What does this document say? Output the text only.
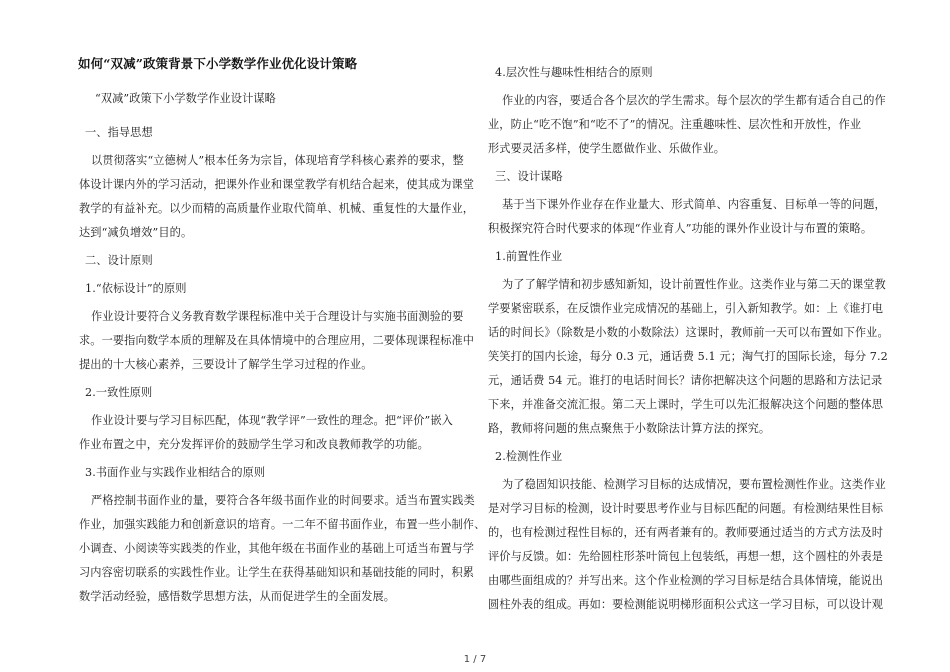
如何“双减”政策背景下小学数学作业优化设计策略
“双减”政策下小学数学作业设计谋略
一、指导思想
以贯彻落实“立德树人”根本任务为宗旨，体现培育学科核心素养的要求，整
体设计课内外的学习活动，把课外作业和课堂教学有机结合起来，使其成为课堂
教学的有益补充。以少而精的高质量作业取代简单、机械、重复性的大量作业，
达到“减负增效”目的。
二、设计原则
1.“依标设计”的原则
作业设计要符合义务教育数学课程标准中关于合理设计与实施书面测验的要
求。一要指向数学本质的理解及在具体情境中的合理应用，二要体现课程标准中
提出的十大核心素养，三要设计了解学生学习过程的作业。
2.一致性原则
作业设计要与学习目标匹配，体现“教学评”一致性的理念。把“评价”嵌入
作业布置之中，充分发挥评价的鼓励学生学习和改良教师教学的功能。
3.书面作业与实践作业相结合的原则
严格控制书面作业的量，要符合各年级书面作业的时间要求。适当布置实践类
作业，加强实践能力和创新意识的培育。一二年不留书面作业，布置一些小制作、
小调查、小阅读等实践类的作业，其他年级在书面作业的基础上可适当布置与学
习内容密切联系的实践性作业。让学生在获得基础知识和基础技能的同时，积累
数学活动经验，感悟数学思想方法，从而促进学生的全面发展。
4.层次性与趣味性相结合的原则
作业的内容，要适合各个层次的学生需求。每个层次的学生都有适合自己的作
业，防止“吃不饱”和“吃不了”的情况。注重趣味性、层次性和开放性，作业
形式要灵活多样，使学生愿做作业、乐做作业。
三、设计谋略
基于当下课外作业存在作业量大、形式简单、内容重复、目标单一等的问题，
积极探究符合时代要求的体现“作业育人”功能的课外作业设计与布置的策略。
1.前置性作业
为了了解学情和初步感知新知，设计前置性作业。这类作业与第二天的课堂教
学要紧密联系，在反馈作业完成情况的基础上，引入新知教学。如：上《谁打电
话的时间长》（除数是小数的小数除法）这课时，教师前一天可以布置如下作业。
笑笑打的国内长途，每分 0.3 元，通话费 5.1 元；淘气打的国际长途，每分 7.2
元，通话费 54 元。谁打的电话时间长？请你把解决这个问题的思路和方法记录
下来，并准备交流汇报。第二天上课时，学生可以先汇报解决这个问题的整体思
路，教师将问题的焦点聚焦于小数除法计算方法的探究。
2.检测性作业
为了稳固知识技能、检测学习目标的达成情况，要布置检测性作业。这类作业
是对学习目标的检测，设计时要思考作业与目标匹配的问题。有检测结果性目标
的，也有检测过程性目标的，还有两者兼有的。教师要通过适当的方式方法及时
评价与反馈。如：先给圆柱形茶叶筒包上包装纸，再想一想，这个圆柱的外表是
由哪些面组成的？并写出来。这个作业检测的学习目标是结合具体情境，能说出
圆柱外表的组成。再如：要检测能说明梯形面积公式这一学习目标，可以设计观
1 / 7
